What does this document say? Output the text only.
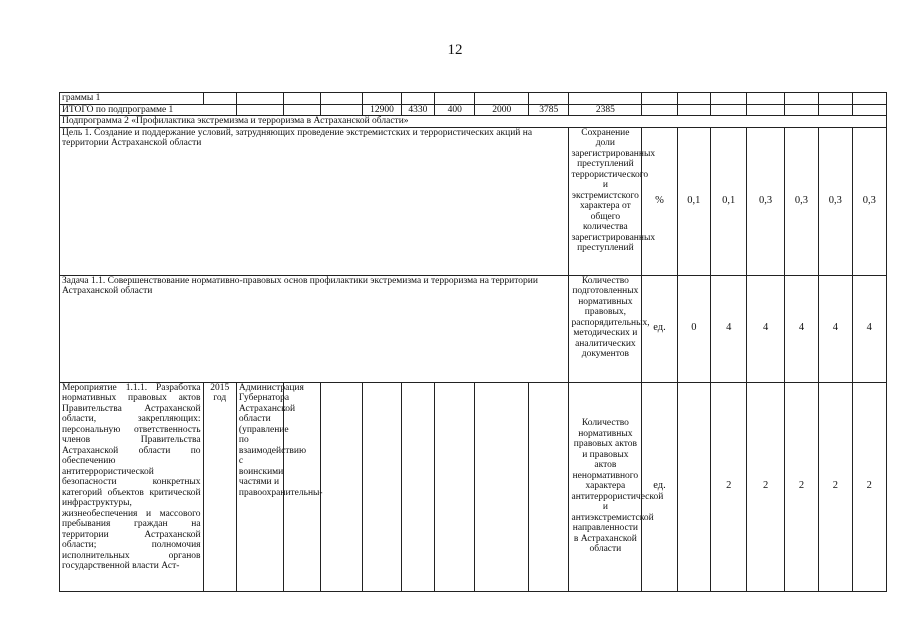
12
граммы 1																	
ИТОГО по подпрограмме 1					12900	4330	400	2000	3785	2385							
Подпрограмма 2 «Профилактика экстремизма и терроризма в Астраханской области»																	
Цель 1. Создание и поддержание условий, затрудняющих проведение экстремистских и террористических акций на территории Астраханской области										Сохранение доли зарегистрированных преступлений террористического и экстремистского характера от общего количества зарегистрированных преступлений	%	0,1	0,1	0,3	0,3	0,3	0,3
Задача 1.1. Совершенствование нормативно-правовых основ профилактики экстремизма и терроризма на территории Астраханской области										Количество подготовленных нормативных правовых, распорядительных, методических и аналитических документов	ед.	0	4	4	4	4	4
Мероприятие 1.1.1. Разработка нормативных правовых актов Правительства Астраханской области, закрепляющих: персональную ответственность членов Правительства Астраханской области по обеспечению антитеррористической безопасности конкретных категорий объектов критической инфраструктуры, жизнеобеспечения и массового пребывания граждан на территории Астраханской области; полномочия исполнительных органов государственной власти Аст-	2015 год	Администрация Губернатора Астраханской области (управление по взаимодействию с воинскими частями и правоохранительны-								Количество нормативных правовых актов и правовых актов ненормативного характера антитеррористической и антиэкстремистской направленности в Астраханской области	ед.		2	2	2	2	2
